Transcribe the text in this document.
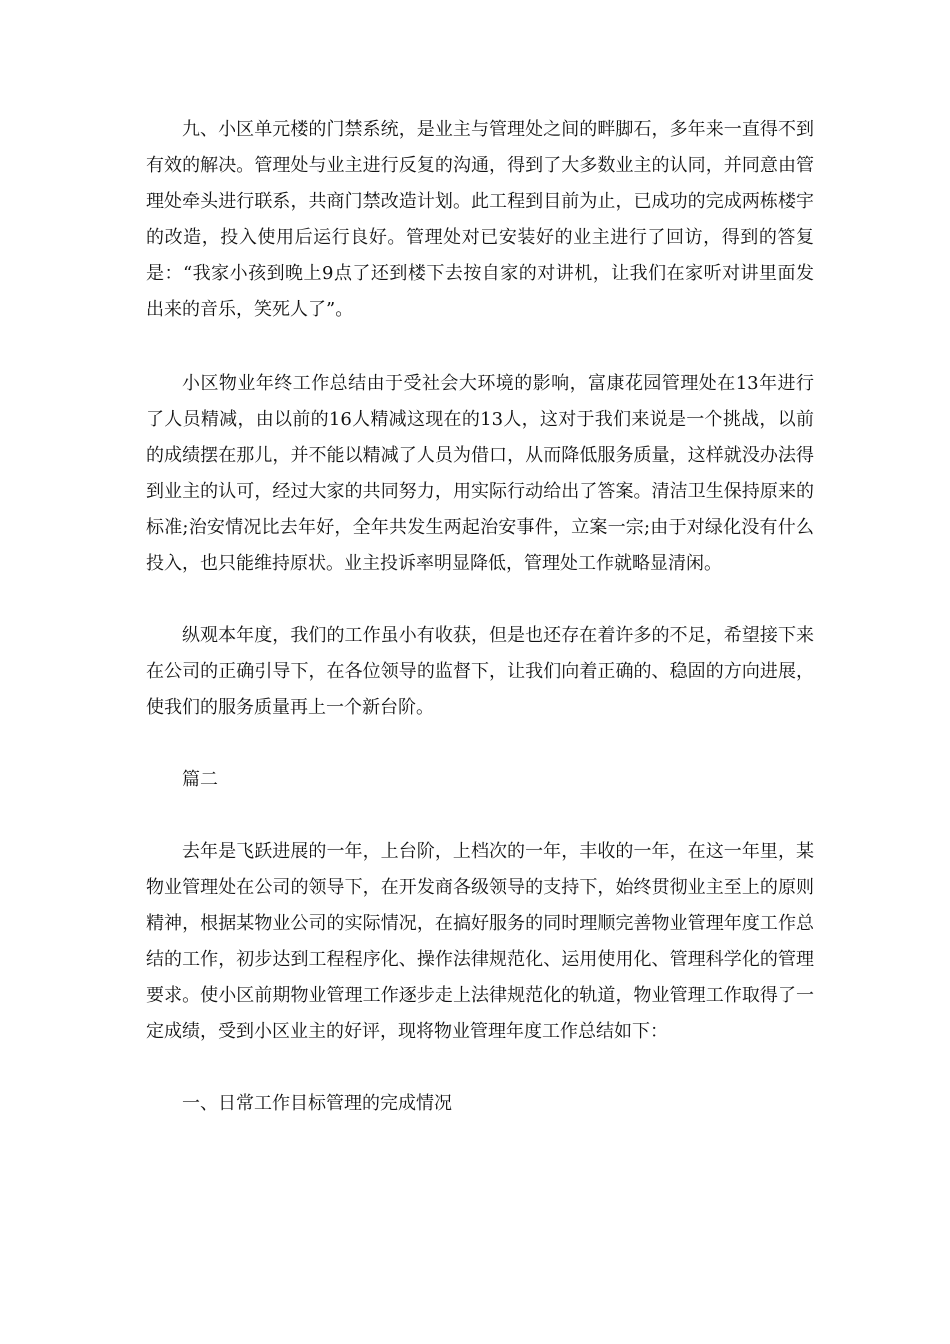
九、小区单元楼的门禁系统，是业主与管理处之间的畔脚石，多年来一直得不到有效的解决。管理处与业主进行反复的沟通，得到了大多数业主的认同，并同意由管理处牵头进行联系，共商门禁改造计划。此工程到目前为止，已成功的完成两栋楼宇的改造，投入使用后运行良好。管理处对已安装好的业主进行了回访，得到的答复是：“我家小孩到晚上9点了还到楼下去按自家的对讲机，让我们在家听对讲里面发出来的音乐，笑死人了”。

小区物业年终工作总结由于受社会大环境的影响，富康花园管理处在13年进行了人员精减，由以前的16人精减这现在的13人，这对于我们来说是一个挑战，以前的成绩摆在那儿，并不能以精减了人员为借口，从而降低服务质量，这样就没办法得到业主的认可，经过大家的共同努力，用实际行动给出了答案。清洁卫生保持原来的标准;治安情况比去年好，全年共发生两起治安事件，立案一宗;由于对绿化没有什么投入，也只能维持原状。业主投诉率明显降低，管理处工作就略显清闲。

纵观本年度，我们的工作虽小有收获，但是也还存在着许多的不足，希望接下来在公司的正确引导下，在各位领导的监督下，让我们向着正确的、稳固的方向进展，使我们的服务质量再上一个新台阶。

篇二

去年是飞跃进展的一年，上台阶，上档次的一年，丰收的一年，在这一年里，某物业管理处在公司的领导下，在开发商各级领导的支持下，始终贯彻业主至上的原则精神，根据某物业公司的实际情况，在搞好服务的同时理顺完善物业管理年度工作总结的工作，初步达到工程程序化、操作法律规范化、运用使用化、管理科学化的管理要求。使小区前期物业管理工作逐步走上法律规范化的轨道，物业管理工作取得了一定成绩，受到小区业主的好评，现将物业管理年度工作总结如下：

一、日常工作目标管理的完成情况
